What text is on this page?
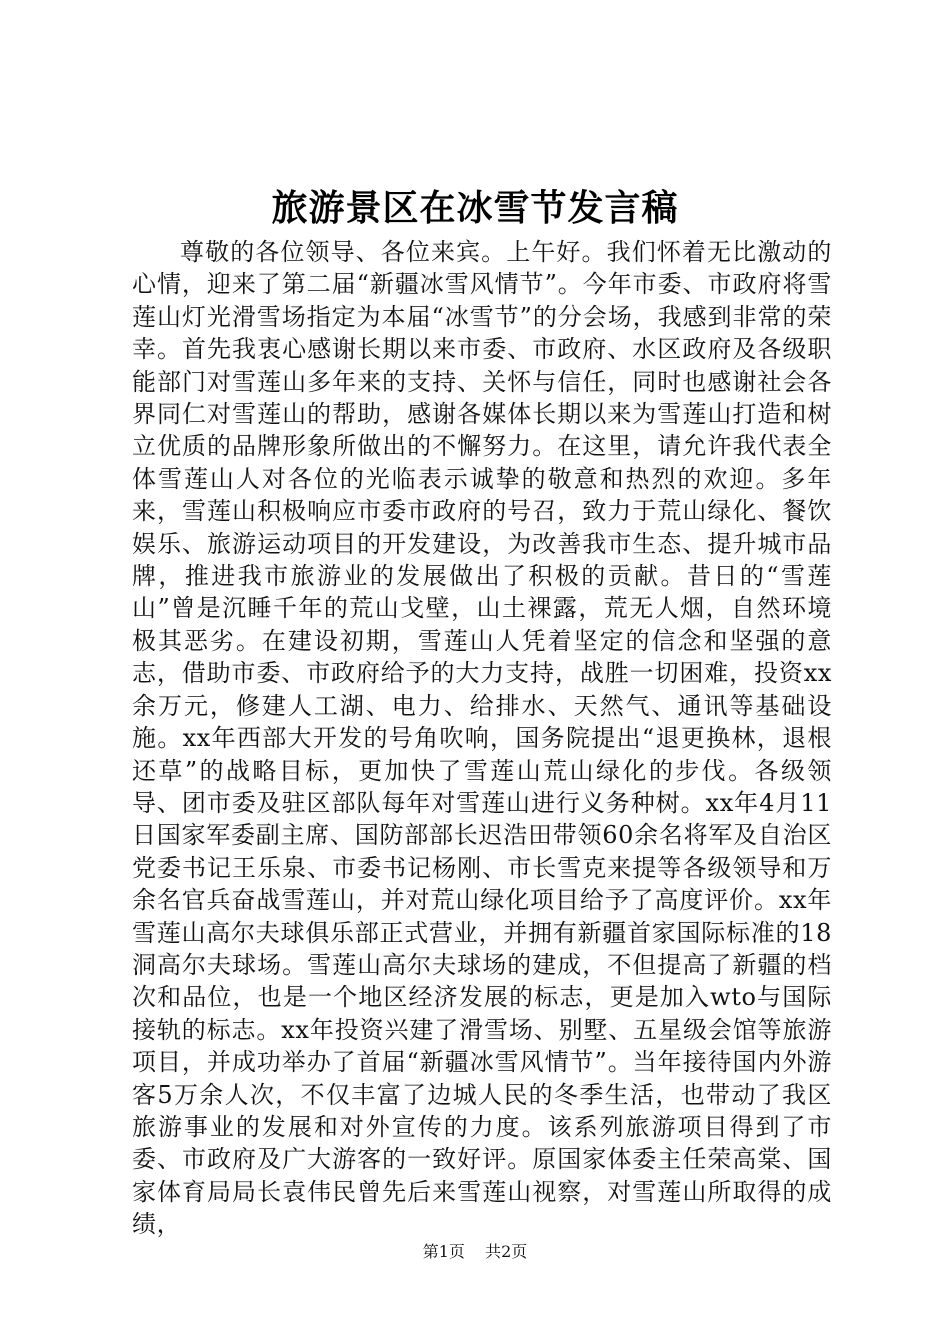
旅游景区在冰雪节发言稿

尊敬的各位领导、各位来宾。上午好。我们怀着无比激动的心情，迎来了第二届“新疆冰雪风情节”。今年市委、市政府将雪莲山灯光滑雪场指定为本届“冰雪节”的分会场，我感到非常的荣幸。首先我衷心感谢长期以来市委、市政府、水区政府及各级职能部门对雪莲山多年来的支持、关怀与信任，同时也感谢社会各界同仁对雪莲山的帮助，感谢各媒体长期以来为雪莲山打造和树立优质的品牌形象所做出的不懈努力。在这里，请允许我代表全体雪莲山人对各位的光临表示诚挚的敬意和热烈的欢迎。多年来，雪莲山积极响应市委市政府的号召，致力于荒山绿化、餐饮娱乐、旅游运动项目的开发建设，为改善我市生态、提升城市品牌，推进我市旅游业的发展做出了积极的贡献。昔日的“雪莲山”曾是沉睡千年的荒山戈壁，山土裸露，荒无人烟，自然环境极其恶劣。在建设初期，雪莲山人凭着坚定的信念和坚强的意志，借助市委、市政府给予的大力支持，战胜一切困难，投资xx余万元，修建人工湖、电力、给排水、天然气、通讯等基础设施。xx年西部大开发的号角吹响，国务院提出“退更换林，退根还草”的战略目标，更加快了雪莲山荒山绿化的步伐。各级领导、团市委及驻区部队每年对雪莲山进行义务种树。xx年4月11日国家军委副主席、国防部部长迟浩田带领60余名将军及自治区党委书记王乐泉、市委书记杨刚、市长雪克来提等各级领导和万余名官兵奋战雪莲山，并对荒山绿化项目给予了高度评价。xx年雪莲山高尔夫球俱乐部正式营业，并拥有新疆首家国际标准的18洞高尔夫球场。雪莲山高尔夫球场的建成，不但提高了新疆的档次和品位，也是一个地区经济发展的标志，更是加入wto与国际接轨的标志。xx年投资兴建了滑雪场、别墅、五星级会馆等旅游项目，并成功举办了首届“新疆冰雪风情节”。当年接待国内外游客5万余人次，不仅丰富了边城人民的冬季生活，也带动了我区旅游事业的发展和对外宣传的力度。该系列旅游项目得到了市委、市政府及广大游客的一致好评。原国家体委主任荣高棠、国家体育局局长袁伟民曾先后来雪莲山视察，对雪莲山所取得的成绩，

第1页 共2页
